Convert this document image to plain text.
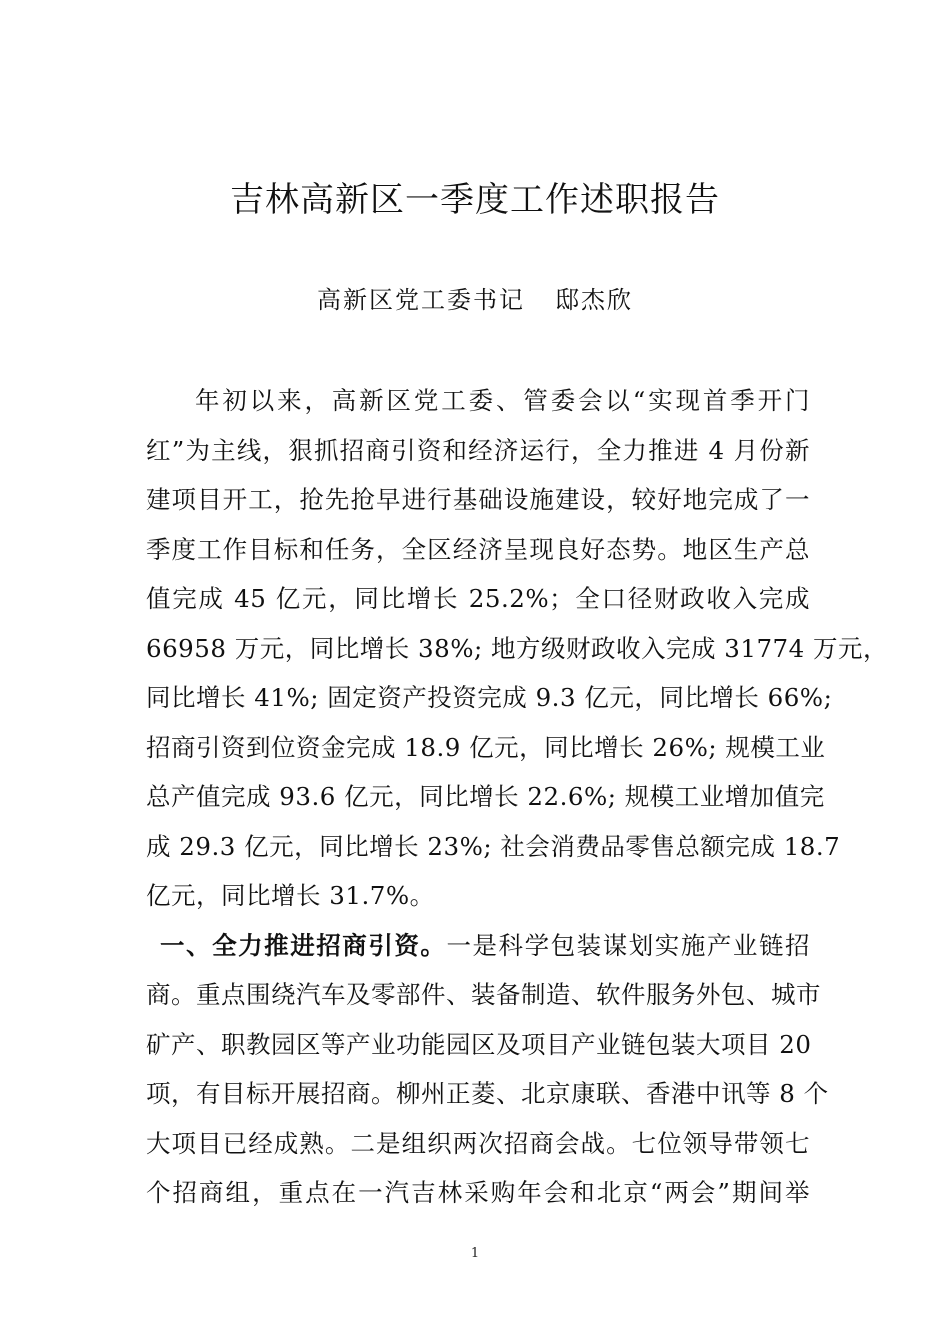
吉林高新区一季度工作述职报告
高新区党工委书记 邸杰欣

年初以来，高新区党工委、管委会以“实现首季开门
红”为主线，狠抓招商引资和经济运行，全力推进 4 月份新
建项目开工，抢先抢早进行基础设施建设，较好地完成了一
季度工作目标和任务，全区经济呈现良好态势。地区生产总
值完成 45 亿元，同比增长 25.2%；全口径财政收入完成
66958 万元，同比增长 38%; 地方级财政收入完成 31774 万元，
同比增长 41%; 固定资产投资完成 9.3 亿元，同比增长 66%;
招商引资到位资金完成 18.9 亿元，同比增长 26%; 规模工业
总产值完成 93.6 亿元，同比增长 22.6%; 规模工业增加值完
成 29.3 亿元，同比增长 23%; 社会消费品零售总额完成 18.7
亿元，同比增长 31.7%。

一、全力推进招商引资。一是科学包装谋划实施产业链招
商。重点围绕汽车及零部件、装备制造、软件服务外包、城市
矿产、职教园区等产业功能园区及项目产业链包装大项目 20
项，有目标开展招商。柳州正菱、北京康联、香港中讯等 8 个
大项目已经成熟。二是组织两次招商会战。七位领导带领七
个招商组，重点在一汽吉林采购年会和北京“两会”期间举

1
